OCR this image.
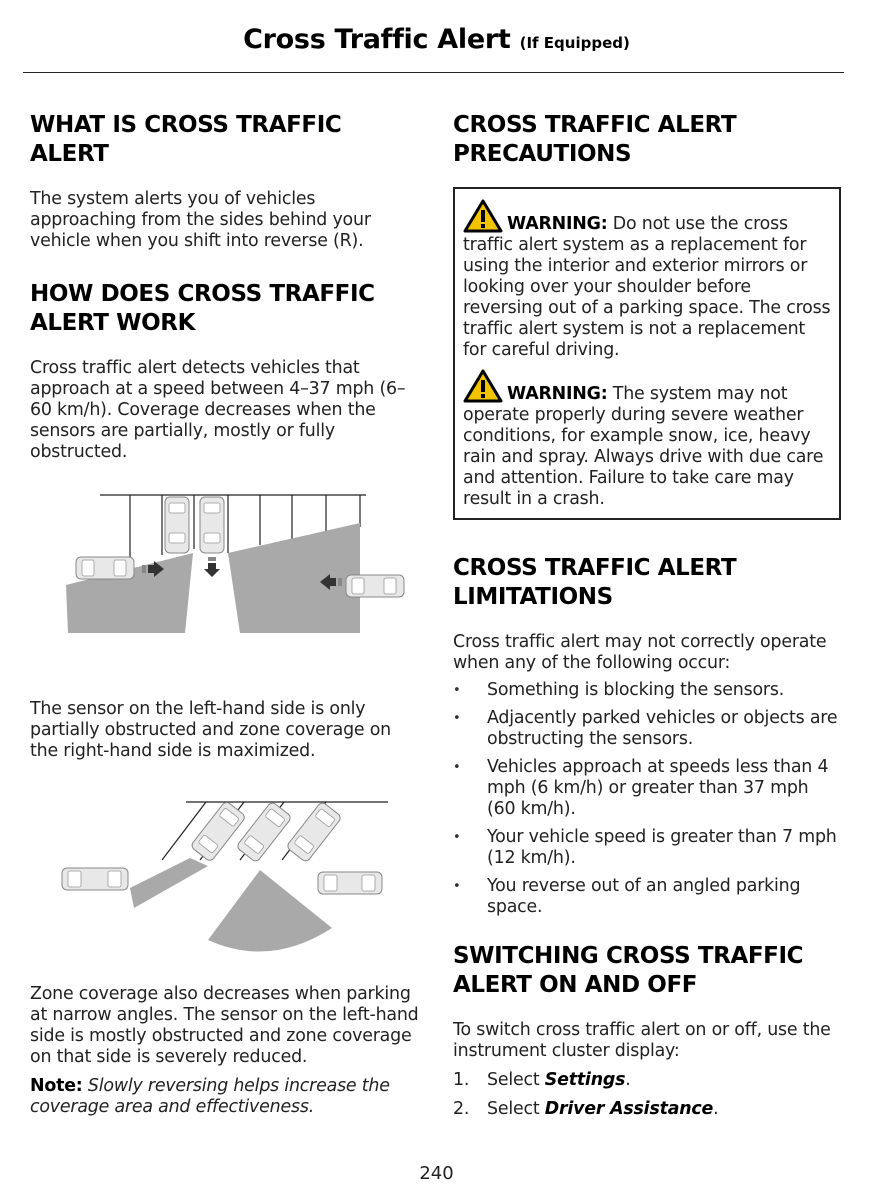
Cross Traffic Alert (If Equipped)
WHAT IS CROSS TRAFFIC
ALERT

The system alerts you of vehicles approaching from the sides behind your vehicle when you shift into reverse (R).

HOW DOES CROSS TRAFFIC
ALERT WORK

Cross traffic alert detects vehicles that approach at a speed between 4–37 mph (6–60 km/h). Coverage decreases when the sensors are partially, mostly or fully obstructed.

The sensor on the left-hand side is only partially obstructed and zone coverage on the right-hand side is maximized.

Zone coverage also decreases when parking at narrow angles. The sensor on the left-hand side is mostly obstructed and zone coverage on that side is severely reduced.

Note: Slowly reversing helps increase the coverage area and effectiveness.

CROSS TRAFFIC ALERT
PRECAUTIONS
WARNING: Do not use the cross traffic alert system as a replacement for using the interior and exterior mirrors or looking over your shoulder before reversing out of a parking space. The cross traffic alert system is not a replacement for careful driving.
WARNING: The system may not operate properly during severe weather conditions, for example snow, ice, heavy rain and spray. Always drive with due care and attention. Failure to take care may result in a crash.
CROSS TRAFFIC ALERT
LIMITATIONS

Cross traffic alert may not correctly operate when any of the following occur:

• Something is blocking the sensors.
• Adjacently parked vehicles or objects are obstructing the sensors.
• Vehicles approach at speeds less than 4 mph (6 km/h) or greater than 37 mph (60 km/h).
• Your vehicle speed is greater than 7 mph (12 km/h).
• You reverse out of an angled parking space.
SWITCHING CROSS TRAFFIC
ALERT ON AND OFF

To switch cross traffic alert on or off, use the instrument cluster display:

1. Select Settings.
2. Select Driver Assistance.
240
